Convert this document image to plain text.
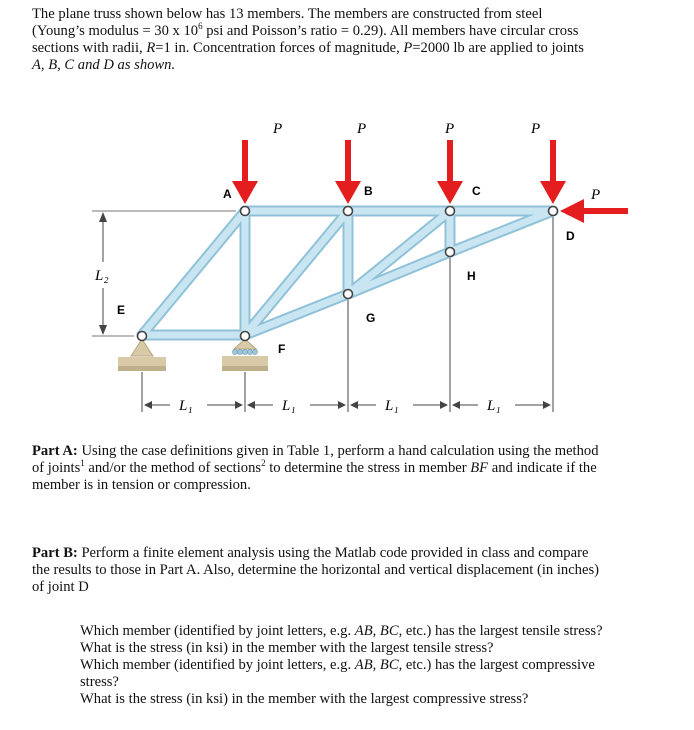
The plane truss shown below has 13 members. The members are constructed from steel
(Young’s modulus = 30 x $10^6$ psi and Poisson’s ratio = 0.29). All members have circular cross
sections with radii, R=1 in. Concentration forces of magnitude, P=2000 lb are applied to joints
A, B, C and D as shown.
P	P	P	P
P
A	B	C
D
E
F
G
H
L₂
L₁	L₁	L₁	L₁
Part A: Using the case definitions given in Table 1, perform a hand calculation using the method
of joints$^1$ and/or the method of sections$^2$ to determine the stress in member BF and indicate if the
member is in tension or compression.
Part B: Perform a finite element analysis using the Matlab code provided in class and compare
the results to those in Part A. Also, determine the horizontal and vertical displacement (in inches)
of joint D

Which member (identified by joint letters, e.g. AB, BC, etc.) has the largest tensile stress?

What is the stress (in ksi) in the member with the largest tensile stress?

Which member (identified by joint letters, e.g. AB, BC, etc.) has the largest compressive
stress?

What is the stress (in ksi) in the member with the largest compressive stress?
